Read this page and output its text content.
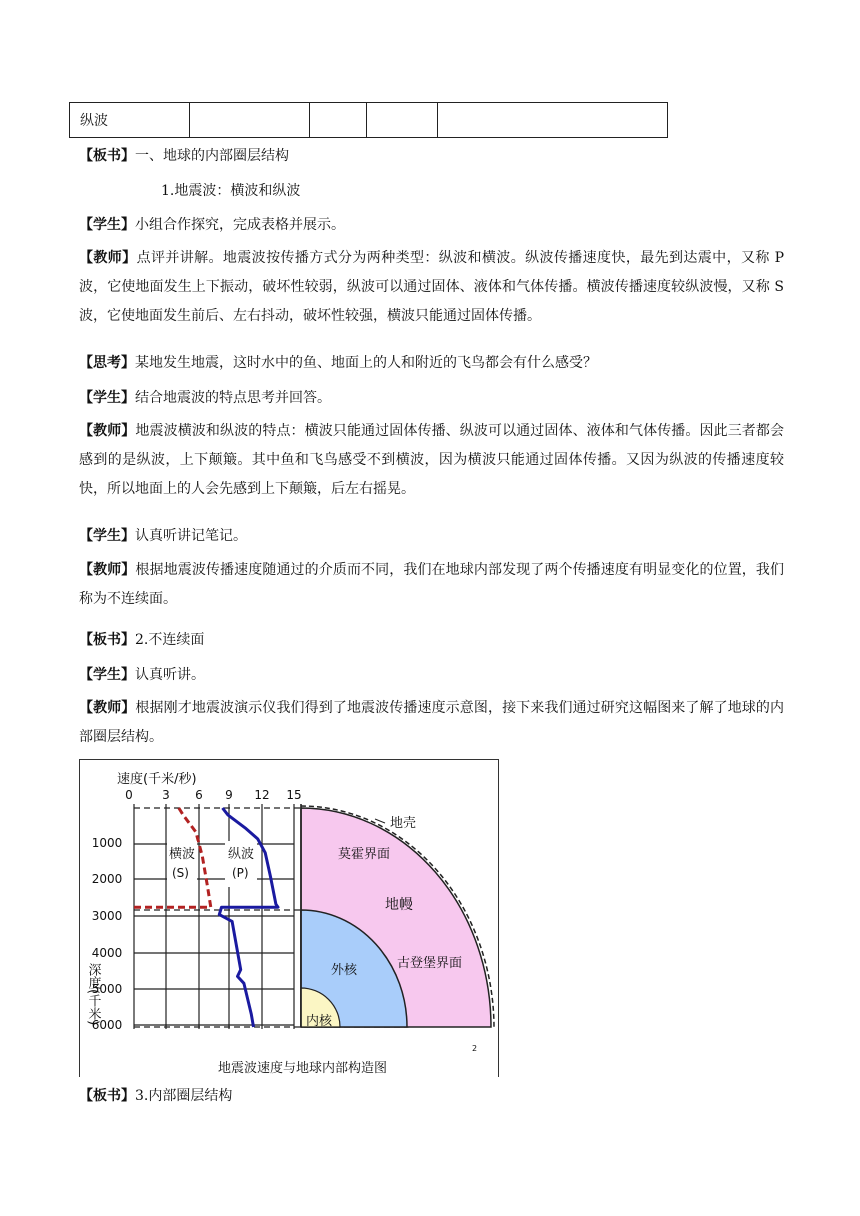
纵波				
【板书】一、地球的内部圈层结构
1.地震波：横波和纵波
【学生】小组合作探究，完成表格并展示。
【教师】点评并讲解。地震波按传播方式分为两种类型：纵波和横波。纵波传播速度快，最先到达震中，又称 P 波，它使地面发生上下振动，破坏性较弱，纵波可以通过固体、液体和气体传播。横波传播速度较纵波慢，又称 S 波，它使地面发生前后、左右抖动，破坏性较强，横波只能通过固体传播。
【思考】某地发生地震，这时水中的鱼、地面上的人和附近的飞鸟都会有什么感受？
【学生】结合地震波的特点思考并回答。
【教师】地震波横波和纵波的特点：横波只能通过固体传播、纵波可以通过固体、液体和气体传播。因此三者都会感到的是纵波，上下颠簸。其中鱼和飞鸟感受不到横波，因为横波只能通过固体传播。又因为纵波的传播速度较快，所以地面上的人会先感到上下颠簸，后左右摇晃。
【学生】认真听讲记笔记。
【教师】根据地震波传播速度随通过的介质而不同，我们在地球内部发现了两个传播速度有明显变化的位置，我们称为不连续面。
【板书】2.不连续面
【学生】认真听讲。
【教师】根据刚才地震波演示仪我们得到了地震波传播速度示意图，接下来我们通过研究这幅图来了解了地球的内部圈层结构。
速度(千米/秒)
0 3 6 9 12 15
1000
2000
3000
4000
5000
6000
深度(千米)
地壳
莫霍界面
地幔
古登堡界面
外核
内核
横波
(S)
纵波
(P)
地震波速度与地球内部构造图
2
【板书】3.内部圈层结构
